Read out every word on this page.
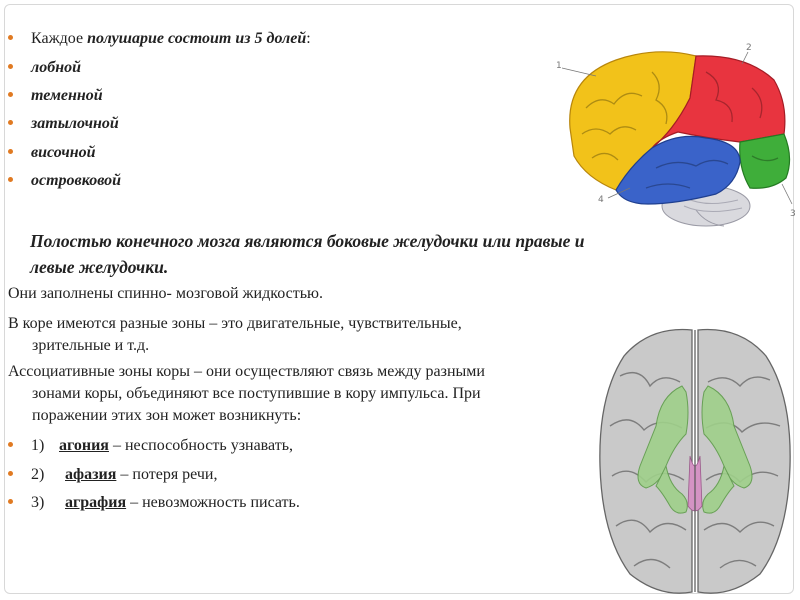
Каждое полушарие состоит из 5 долей:
лобной
теменной
затылочной
височной
островковой
Полостью конечного мозга являются боковые желудочки или правые и левые желудочки.
Они заполнены спинно- мозговой жидкостью.
В коре имеются разные зоны – это двигательные, чувствительные,
зрительные и т.д.
Ассоциативные зоны коры – они осуществляют связь между разными
зонами коры, объединяют все поступившие в кору импульса. При
поражении этих зон может возникнуть:
1) агония – неспособность узнавать,
2) афазия – потеря речи,
3) аграфия – невозможность писать.
1
2
3
4
